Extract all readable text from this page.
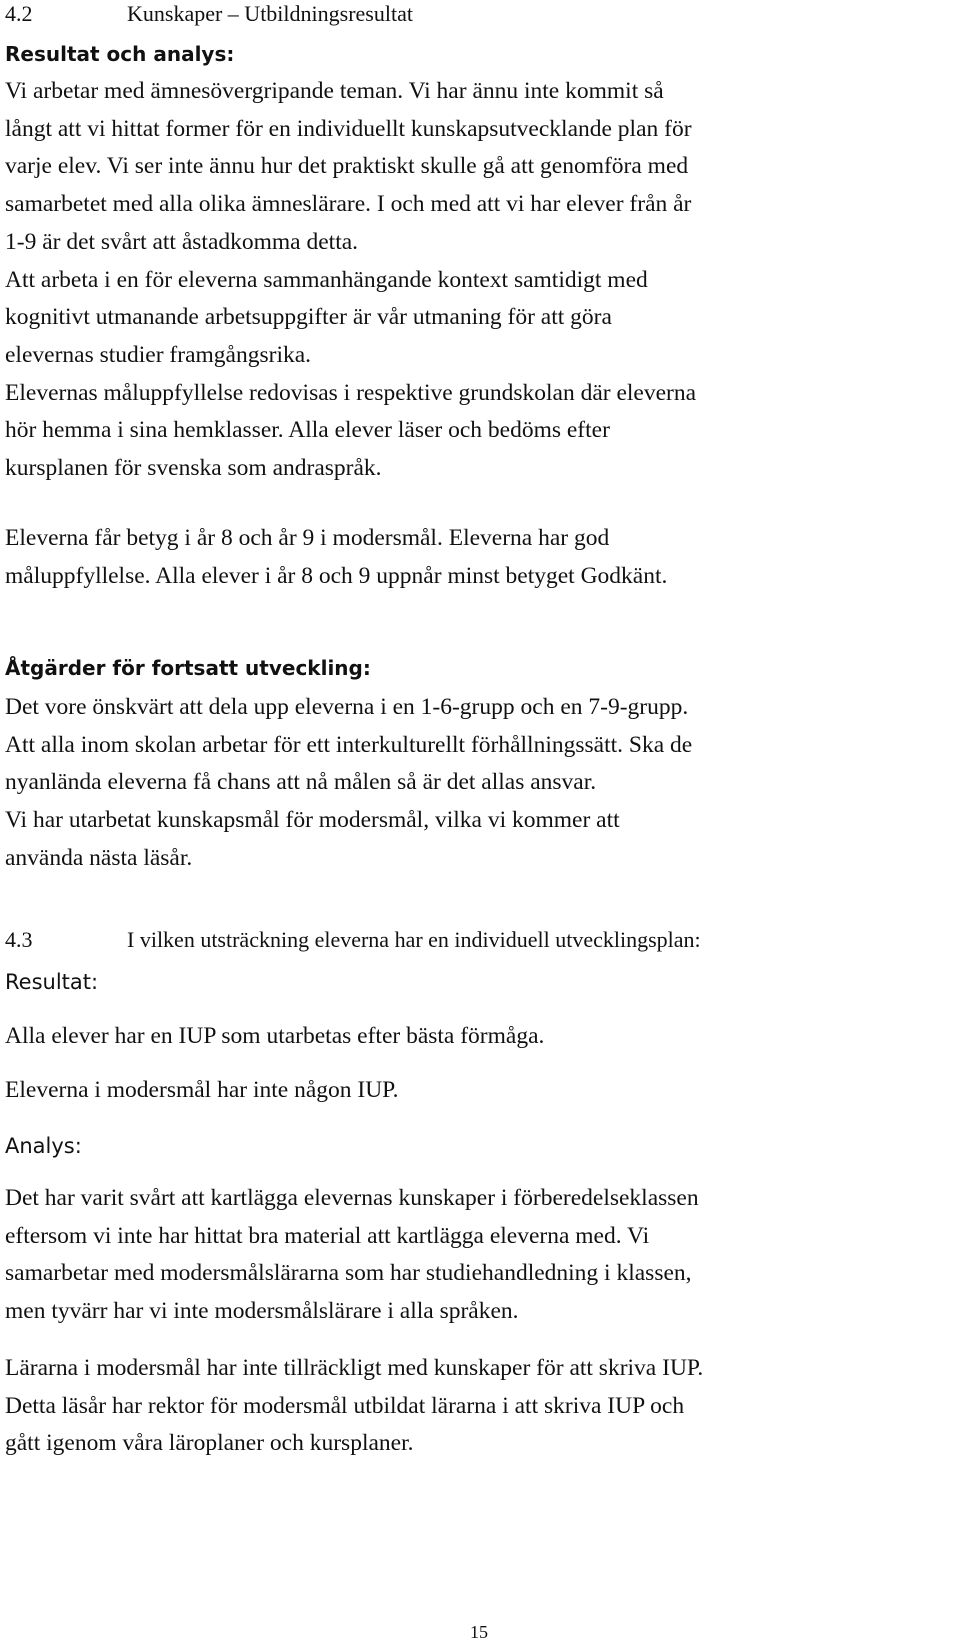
4.2	Kunskaper – Utbildningsresultat
Resultat och analys:

Vi arbetar med ämnesövergripande teman. Vi har ännu inte kommit så

långt att vi hittat former för en individuellt kunskapsutvecklande plan för

varje elev. Vi ser inte ännu hur det praktiskt skulle gå att genomföra med

samarbetet med alla olika ämneslärare. I och med att vi har elever från år

1-9 är det svårt att åstadkomma detta.

Att arbeta i en för eleverna sammanhängande kontext samtidigt med

kognitivt utmanande arbetsuppgifter är vår utmaning för att göra

elevernas studier framgångsrika.

Elevernas måluppfyllelse redovisas i respektive grundskolan där eleverna

hör hemma i sina hemklasser. Alla elever läser och bedöms efter

kursplanen för svenska som andraspråk.

Eleverna får betyg i år 8 och år 9 i modersmål. Eleverna har god

måluppfyllelse. Alla elever i år 8 och 9 uppnår minst betyget Godkänt.

Åtgärder för fortsatt utveckling:

Det vore önskvärt att dela upp eleverna i en 1-6-grupp och en 7-9-grupp.

Att alla inom skolan arbetar för ett interkulturellt förhållningssätt. Ska de

nyanlända eleverna få chans att nå målen så är det allas ansvar.

Vi har utarbetat kunskapsmål för modersmål, vilka vi kommer att

använda nästa läsår.

4.3	I vilken utsträckning eleverna har en individuell utvecklingsplan:
Resultat:

Alla elever har en IUP som utarbetas efter bästa förmåga.

Eleverna i modersmål har inte någon IUP.

Analys:

Det har varit svårt att kartlägga elevernas kunskaper i förberedelseklassen

eftersom vi inte har hittat bra material att kartlägga eleverna med. Vi

samarbetar med modersmålslärarna som har studiehandledning i klassen,

men tyvärr har vi inte modersmålslärare i alla språken.

Lärarna i modersmål har inte tillräckligt med kunskaper för att skriva IUP.

Detta läsår har rektor för modersmål utbildat lärarna i att skriva IUP och

gått igenom våra läroplaner och kursplaner.

15
